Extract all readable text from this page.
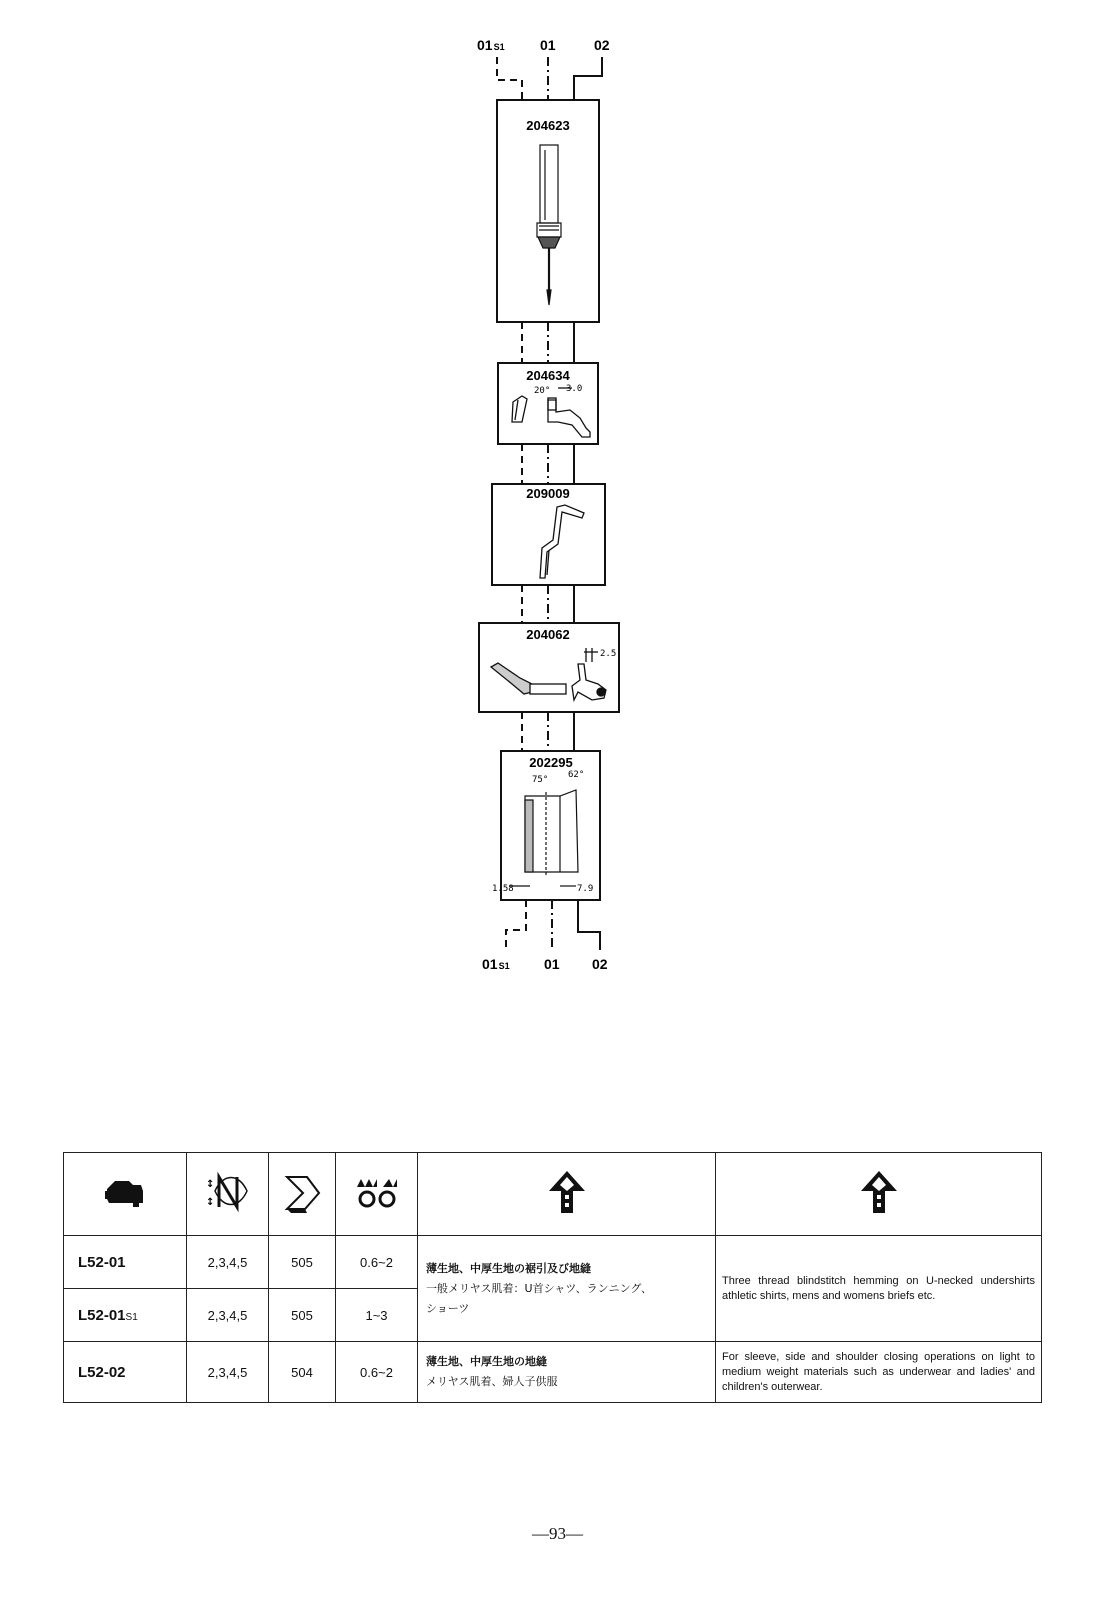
01S1	01	02
204623
204634
20° 3.0
209009
204062
2.5
202295
75° 62°
1.58	7.9
01S1 01 02

↕
↕

L52-01	2,3,4,5	505	0.6~2	薄生地、中厚生地の裾引及び地縫
一般メリヤス肌着：U首シャツ、ランニング、
ショーツ	Three thread blindstitch hemming on U-necked undershirts athletic shirts, mens and womens briefs etc.
L52-01S1	2,3,4,5	505	1~3		
L52-02	2,3,4,5	504	0.6~2	薄生地、中厚生地の地縫
メリヤス肌着、婦人子供服	For sleeve, side and shoulder closing operations on light to medium weight materials such as underwear and ladies' and children's outerwear.
—93—
